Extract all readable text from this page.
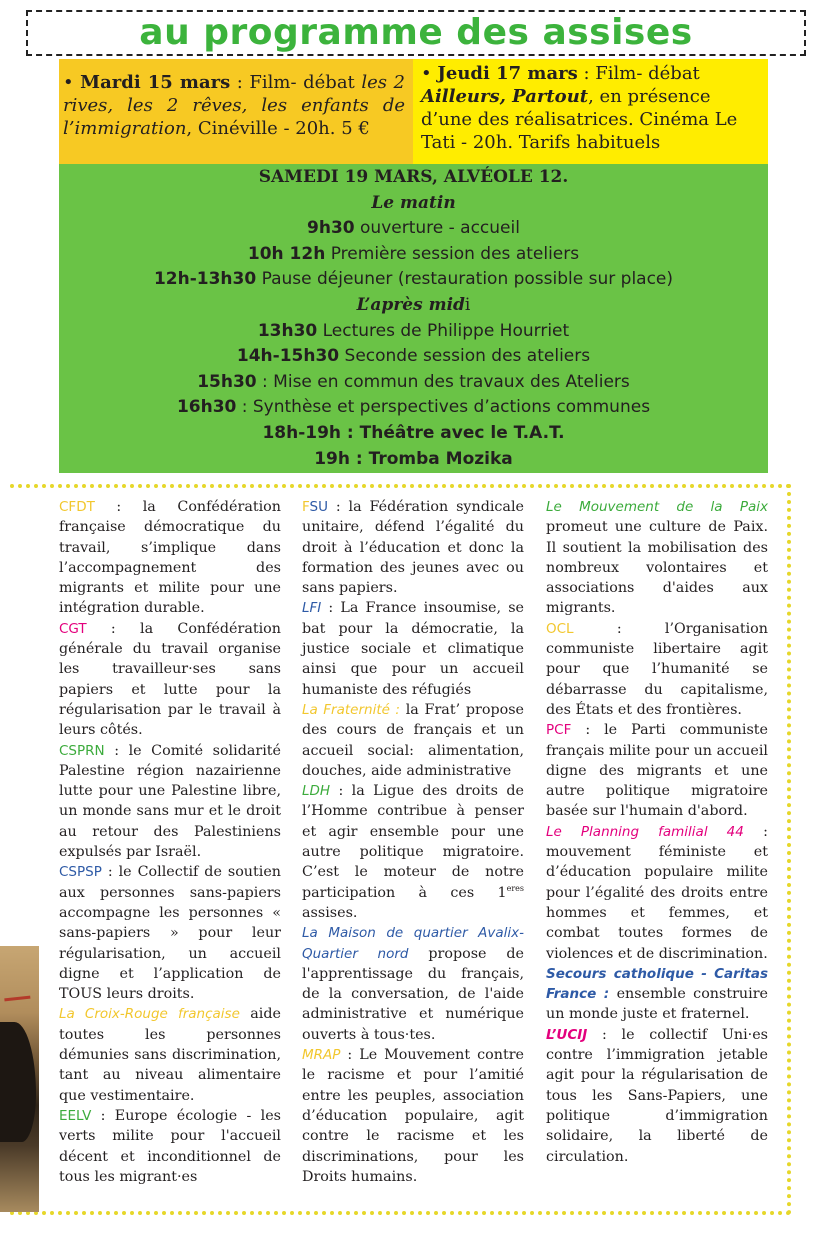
au programme des assises
• Mardi 15 mars : Film- débat les 2 rives, les 2 rêves, les enfants de l’immigration, Cinéville - 20h. 5 €
• Jeudi 17 mars : Film- débat Ailleurs, Partout, en présence d’une des réalisatrices. Cinéma Le Tati - 20h. Tarifs habituels
SAMEDI 19 MARS, ALVÉOLE 12.
Le matin
9h30 ouverture - accueil
10h 12h Première session des ateliers
12h-13h30 Pause déjeuner (restauration possible sur place)
L’après midi
13h30 Lectures de Philippe Hourriet
14h-15h30 Seconde session des ateliers
15h30 : Mise en commun des travaux des Ateliers
16h30 : Synthèse et perspectives d’actions communes
18h-19h : Théâtre avec le T.A.T.
19h : Tromba Mozika

CFDT : la Confédération française démocratique du travail, s’implique dans l’accompagnement des migrants et milite pour une intégration durable.

CGT : la Confédération générale du travail organise les travailleur·ses sans papiers et lutte pour la régularisation par le travail à leurs côtés.

CSPRN : le Comité solidarité Palestine région nazairienne lutte pour une Palestine libre, un monde sans mur et le droit au retour des Palestiniens expulsés par Israël.

CSPSP : le Collectif de soutien aux personnes sans-papiers accompagne les personnes « sans-papiers » pour leur régularisation, un accueil digne et l’application de TOUS leurs droits.

La Croix-Rouge française aide toutes les personnes démunies sans discrimination, tant au niveau alimentaire que vestimentaire.

EELV : Europe écologie - les verts milite pour l'accueil décent et inconditionnel de tous les migrant·es

FSU : la Fédération syndicale unitaire, défend l’égalité du droit à l’éducation et donc la formation des jeunes avec ou sans papiers.

LFI : La France insoumise, se bat pour la démocratie, la justice sociale et climatique ainsi que pour un accueil humaniste des réfugiés

La Fraternité : la Frat’ propose des cours de français et un accueil social: alimentation, douches, aide administrative

LDH : la Ligue des droits de l’Homme contribue à penser et agir ensemble pour une autre politique migratoire. C’est le moteur de notre participation à ces $1^{eres}$ assises.

La Maison de quartier Avalix-Quartier nord propose de l'apprentissage du français, de la conversation, de l'aide administrative et numérique ouverts à tous·tes.

MRAP : Le Mouvement contre le racisme et pour l’amitié entre les peuples, association d’éducation populaire, agit contre le racisme et les discriminations, pour les Droits humains.

Le Mouvement de la Paix promeut une culture de Paix. Il soutient la mobilisation des nombreux volontaires et associations d'aides aux migrants.

OCL : l’Organisation communiste libertaire agit pour que l’humanité se débarrasse du capitalisme, des États et des frontières.

PCF : le Parti communiste français milite pour un accueil digne des migrants et une autre politique migratoire basée sur l'humain d'abord.

Le Planning familial 44 : mouvement féministe et d’éducation populaire milite pour l’égalité des droits entre hommes et femmes, et combat toutes formes de violences et de discrimination.

Secours catholique - Caritas France : ensemble construire un monde juste et fraternel.

L’UCIJ : le collectif Uni·es contre l’immigration jetable agit pour la régularisation de tous les Sans-Papiers, une politique d’immigration solidaire, la liberté de circulation.
